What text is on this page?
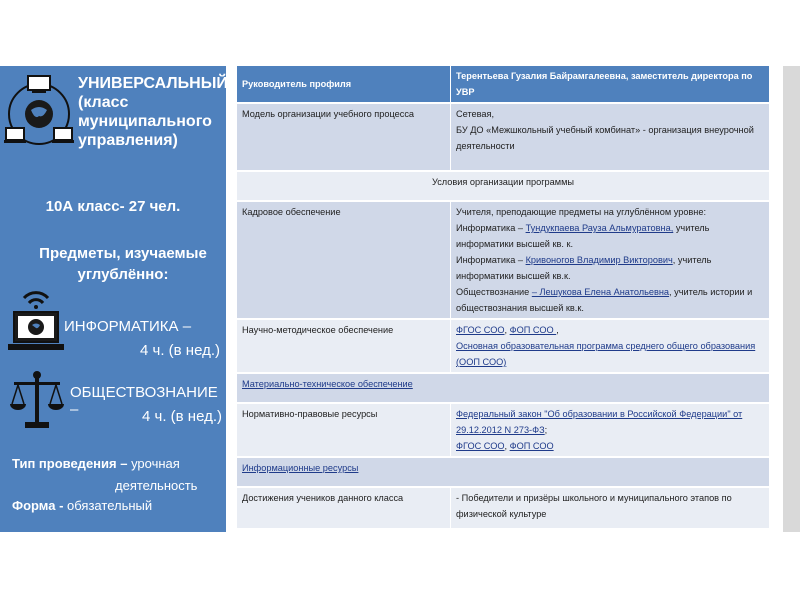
УНИВЕРСАЛЬНЫЙ
(класс
муниципального
управления)
10А класс- 27 чел.
Предметы, изучаемые
углублённо:
ИНФОРМАТИКА –
4 ч. (в нед.)
ОБЩЕСТВОЗНАНИЕ –	4 ч. (в нед.)
Тип проведения – урочная
деятельность
Форма - обязательный
Руководитель профиля	Терентьева Гузалия Байрамгалеевна, заместитель директора по УВР
Модель организации учебного процесса	Сетевая,
БУ ДО «Межшкольный учебный комбинат» - организация внеурочной деятельности

Условия организации программы	
Кадровое обеспечение	Учителя, преподающие предметы на углублённом уровне:
Информатика – Тундукпаева Рауза Альмуратовна, учитель информатики высшей кв. к.
Информатика – Кривоногов Владимир Викторович, учитель информатики высшей кв.к.
Обществознание – Лешукова Елена Анатольевна, учитель истории и обществознания высшей кв.к.

Научно-методическое обеспечение	ФГОС СОО, ФОП СОО ,
Основная образовательная программа среднего общего образования (ООП СОО)

Материально-техническое обеспечение	
Нормативно-правовые ресурсы	Федеральный закон "Об образовании в Российской Федерации" от 29.12.2012 N 273-ФЗ;
ФГОС СОО, ФОП СОО

Информационные ресурсы	
Достижения учеников данного класса	- Победители и призёры школьного и муниципального этапов по физической культуре
